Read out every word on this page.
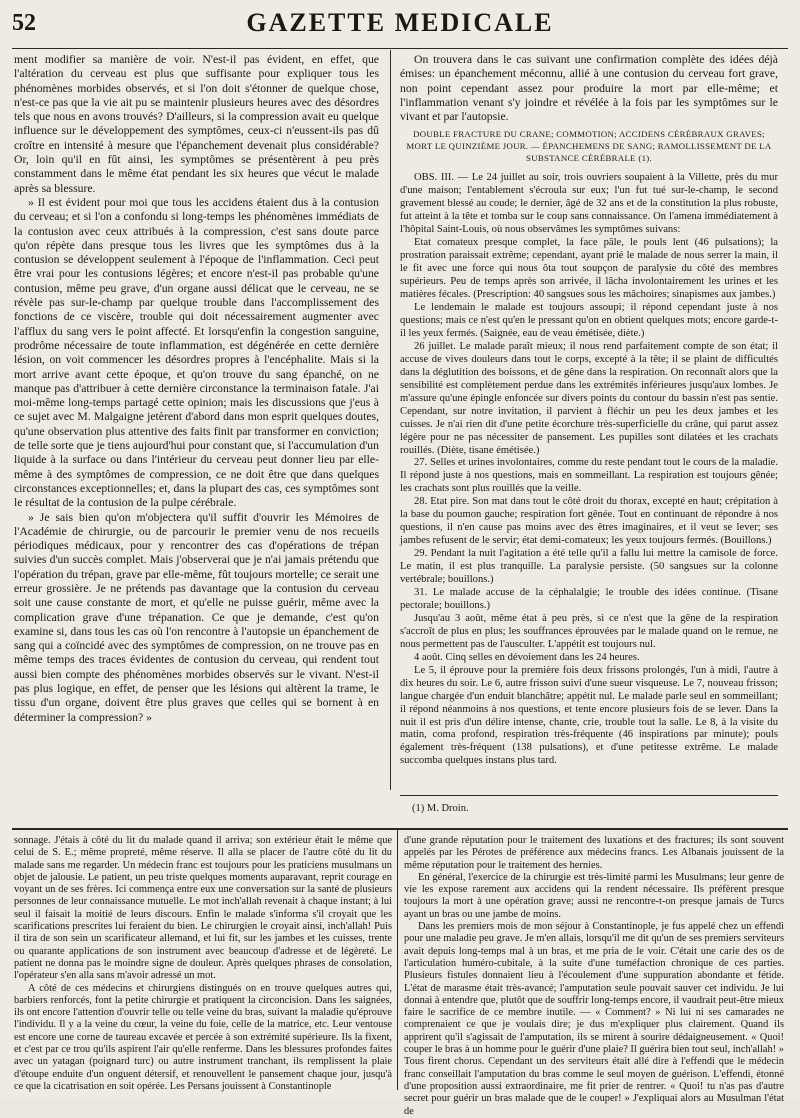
52	GAZETTE MEDICALE

ment modifier sa manière de voir. N'est-il pas évident, en effet, que l'altération du cerveau est plus que suffisante pour expliquer tous les phénomènes morbides observés, et si l'on doit s'étonner de quelque chose, n'est-ce pas que la vie ait pu se maintenir plusieurs heures avec des désordres tels que nous en avons trouvés? D'ailleurs, si la compression avait eu quelque influence sur le développement des symptômes, ceux-ci n'eussent-ils pas dû croître en intensité à mesure que l'épanchement devenait plus considérable? Or, loin qu'il en fût ainsi, les symptômes se présentèrent à peu près constamment dans le même état pendant les six heures que vécut le malade après sa blessure.

» Il est évident pour moi que tous les accidens étaient dus à la contusion du cerveau; et si l'on a confondu si long-temps les phénomènes immédiats de la contusion avec ceux attribués à la compression, c'est sans doute parce qu'on répète dans presque tous les livres que les symptômes dus à la contusion se développent seulement à l'époque de l'inflammation. Ceci peut être vrai pour les contusions légères; et encore n'est-il pas probable qu'une contusion, même peu grave, d'un organe aussi délicat que le cerveau, ne se révèle pas sur-le-champ par quelque trouble dans l'accomplissement des fonctions de ce viscère, trouble qui doit nécessairement augmenter avec l'afflux du sang vers le point affecté. Et lorsqu'enfin la congestion sanguine, prodrôme nécessaire de toute inflammation, est dégénérée en cette dernière lésion, on voit commencer les désordres propres à l'encéphalite. Mais si la mort arrive avant cette époque, et qu'on trouve du sang épanché, on ne manque pas d'attribuer à cette dernière circonstance la terminaison fatale. J'ai moi-même long-temps partagé cette opinion; mais les discussions que j'eus à ce sujet avec M. Malgaigne jetèrent d'abord dans mon esprit quelques doutes, qu'une observation plus attentive des faits finit par transformer en conviction; de telle sorte que je tiens aujourd'hui pour constant que, si l'accumulation d'un liquide à la surface ou dans l'intérieur du cerveau peut donner lieu par elle-même à des symptômes de compression, ce ne doit être que dans quelques circonstances exceptionnelles; et, dans la plupart des cas, ces symptômes sont le résultat de la contusion de la pulpe cérébrale.

» Je sais bien qu'on m'objectera qu'il suffit d'ouvrir les Mémoires de l'Académie de chirurgie, ou de parcourir le premier venu de nos recueils périodiques médicaux, pour y rencontrer des cas d'opérations de trépan suivies d'un succès complet. Mais j'observerai que je n'ai jamais prétendu que l'opération du trépan, grave par elle-même, fût toujours mortelle; ce serait une erreur grossière. Je ne prétends pas davantage que la contusion du cerveau soit une cause constante de mort, et qu'elle ne puisse guérir, même avec la complication grave d'une trépanation. Ce que je demande, c'est qu'on examine si, dans tous les cas où l'on rencontre à l'autopsie un épanchement de sang qui a coïncidé avec des symptômes de compression, on ne trouve pas en même temps des traces évidentes de contusion du cerveau, qui rendent tout aussi bien compte des phénomènes morbides observés sur le vivant. N'est-il pas plus logique, en effet, de penser que les lésions qui altèrent la trame, le tissu d'un organe, doivent être plus graves que celles qui se bornent à en déterminer la compression? »

On trouvera dans le cas suivant une confirmation complète des idées déjà émises: un épanchement méconnu, allié à une contusion du cerveau fort grave, non point cependant assez pour produire la mort par elle-même; et l'inflammation venant s'y joindre et révélée à la fois par les symptômes sur le vivant et par l'autopsie.

DOUBLE FRACTURE DU CRANE; COMMOTION; ACCIDENS CÉRÉBRAUX GRAVES; MORT LE QUINZIÈME JOUR. — ÉPANCHEMENS DE SANG; RAMOLLISSEMENT DE LA SUBSTANCE CÉRÉBRALE (1).

OBS. III. — Le 24 juillet au soir, trois ouvriers soupaient à la Villette, près du mur d'une maison; l'entablement s'écroula sur eux; l'un fut tué sur-le-champ, le second gravement blessé au coude; le dernier, âgé de 32 ans et de la constitution la plus robuste, fut atteint à la tête et tomba sur le coup sans connaissance. On l'amena immédiatement à l'hôpital Saint-Louis, où nous observâmes les symptômes suivans:

Etat comateux presque complet, la face pâle, le pouls lent (46 pulsations); la prostration paraissait extrême; cependant, ayant prié le malade de nous serrer la main, il le fit avec une force qui nous ôta tout soupçon de paralysie du côté des membres supérieurs. Peu de temps après son arrivée, il lâcha involontairement les urines et les matières fécales. (Prescription: 40 sangsues sous les mâchoires; sinapismes aux jambes.)

Le lendemain le malade est toujours assoupi; il répond cependant juste à nos questions; mais ce n'est qu'en le pressant qu'on en obtient quelques mots; encore garde-t-il les yeux fermés. (Saignée, eau de veau émétisée, diète.)

26 juillet. Le malade paraît mieux; il nous rend parfaitement compte de son état; il accuse de vives douleurs dans tout le corps, excepté à la tête; il se plaint de difficultés dans la déglutition des boissons, et de gêne dans la respiration. On reconnaît alors que la sensibilité est complètement perdue dans les extrémités inférieures jusqu'aux lombes. Je m'assure qu'une épingle enfoncée sur divers points du contour du bassin n'est pas sentie. Cependant, sur notre invitation, il parvient à fléchir un peu les deux jambes et les cuisses. Je n'ai rien dit d'une petite écorchure très-superficielle du crâne, qui parut assez légère pour ne pas nécessiter de pansement. Les pupilles sont dilatées et les crachats rouillés. (Diète, tisane émétisée.)

27. Selles et urines involontaires, comme du reste pendant tout le cours de la maladie. Il répond juste à nos questions, mais en sommeillant. La respiration est toujours gênée; les crachats sont plus rouillés que la veille.

28. Etat pire. Son mat dans tout le côté droit du thorax, excepté en haut; crépitation à la base du poumon gauche; respiration fort gênée. Tout en continuant de répondre à nos questions, il n'en cause pas moins avec des êtres imaginaires, et il veut se lever; ses jambes refusent de le servir; état demi-comateux; les yeux toujours fermés. (Bouillons.)

29. Pendant la nuit l'agitation a été telle qu'il a fallu lui mettre la camisole de force. Le matin, il est plus tranquille. La paralysie persiste. (50 sangsues sur la colonne vertébrale; bouillons.)

31. Le malade accuse de la céphalalgie; le trouble des idées continue. (Tisane pectorale; bouillons.)

Jusqu'au 3 août, même état à peu près, si ce n'est que la gêne de la respiration s'accroît de plus en plus; les souffrances éprouvées par le malade quand on le remue, ne nous permettent pas de l'ausculter. L'appétit est toujours nul.

4 août. Cinq selles en dévoiement dans les 24 heures.

Le 5, il éprouve pour la première fois deux frissons prolongés, l'un à midi, l'autre à dix heures du soir. Le 6, autre frisson suivi d'une sueur visqueuse. Le 7, nouveau frisson; langue chargée d'un enduit blanchâtre; appétit nul. Le malade parle seul en sommeillant; il répond néanmoins à nos questions, et tente encore plusieurs fois de se lever. Dans la nuit il est pris d'un délire intense, chante, crie, trouble tout la salle. Le 8, à la visite du matin, coma profond, respiration très-fréquente (46 inspirations par minute); pouls également très-fréquent (138 pulsations), et d'une petitesse extrême. Le malade succomba quelques instans plus tard.

(1) M. Droin.

sonnage. J'étais à côté du lit du malade quand il arriva; son extérieur était le même que celui de S. E.; même propreté, même réserve. Il alla se placer de l'autre côté du lit du malade sans me regarder. Un médecin franc est toujours pour les praticiens musulmans un objet de jalousie. Le patient, un peu triste quelques moments auparavant, reprit courage en voyant un de ses frères. Ici commença entre eux une conversation sur la santé de plusieurs personnes de leur connaissance mutuelle. Le mot inch'allah revenait à chaque instant; à lui seul il faisait la moitié de leurs discours. Enfin le malade s'informa s'il croyait que les scarifications prescrites lui feraient du bien. Le chirurgien le croyait ainsi, inch'allah! Puis il tira de son sein un scarificateur allemand, et lui fit, sur les jambes et les cuisses, trente ou quarante applications de son instrument avec beaucoup d'adresse et de légèreté. Le patient ne donna pas le moindre signe de douleur. Après quelques phrases de consolation, l'opérateur s'en alla sans m'avoir adressé un mot.

A côté de ces médecins et chirurgiens distingués on en trouve quelques autres qui, barbiers renforcés, font la petite chirurgie et pratiquent la circoncision. Dans les saignées, ils ont encore l'attention d'ouvrir telle ou telle veine du bras, suivant la maladie qu'éprouve l'individu. Il y a la veine du cœur, la veine du foie, celle de la matrice, etc. Leur ventouse est encore une corne de taureau excavée et percée à son extrémité supérieure. Ils la fixent, et c'est par ce trou qu'ils aspirent l'air qu'elle renferme. Dans les blessures profondes faites avec un yatagan (poignard turc) ou autre instrument tranchant, ils remplissent la plaie d'étoupe enduite d'un onguent détersif, et renouvellent le pansement chaque jour, jusqu'à ce que la cicatrisation en soit opérée. Les Persans jouissent à Constantinople

d'une grande réputation pour le traitement des luxations et des fractures; ils sont souvent appelés par les Pérotes de préférence aux médecins francs. Les Albanais jouissent de la même réputation pour le traitement des hernies.

En général, l'exercice de la chirurgie est très-limité parmi les Musulmans; leur genre de vie les expose rarement aux accidens qui la rendent nécessaire. Ils préfèrent presque toujours la mort à une opération grave; aussi ne rencontre-t-on presque jamais de Turcs ayant un bras ou une jambe de moins.

Dans les premiers mois de mon séjour à Constantinople, je fus appelé chez un effendi pour une maladie peu grave. Je m'en allais, lorsqu'il me dit qu'un de ses premiers serviteurs avait depuis long-temps mal à un bras, et me pria de le voir. C'était une carie des os de l'articulation huméro-cubitale, à la suite d'une tuméfaction chronique de ces parties. Plusieurs fistules donnaient lieu à l'écoulement d'une suppuration abondante et fétide. L'état de marasme était très-avancé; l'amputation seule pouvait sauver cet individu. Je lui donnai à entendre que, plutôt que de souffrir long-temps encore, il vaudrait peut-être mieux faire le sacrifice de ce membre inutile. — « Comment? » Ni lui ni ses camarades ne comprenaient ce que je voulais dire; je dus m'expliquer plus clairement. Quand ils apprirent qu'il s'agissait de l'amputation, ils se mirent à sourire dédaigneusement. « Quoi! couper le bras à un homme pour le guérir d'une plaie? Il guérira bien tout seul, inch'allah! » Tous firent chorus. Cependant un des serviteurs était allé dire à l'effendi que le médecin franc conseillait l'amputation du bras comme le seul moyen de guérison. L'effendi, étonné d'une proposition aussi extraordinaire, me fit prier de rentrer. « Quoi! tu n'as pas d'autre secret pour guérir un bras malade que de le couper! » J'expliquai alors au Musulman l'état de
